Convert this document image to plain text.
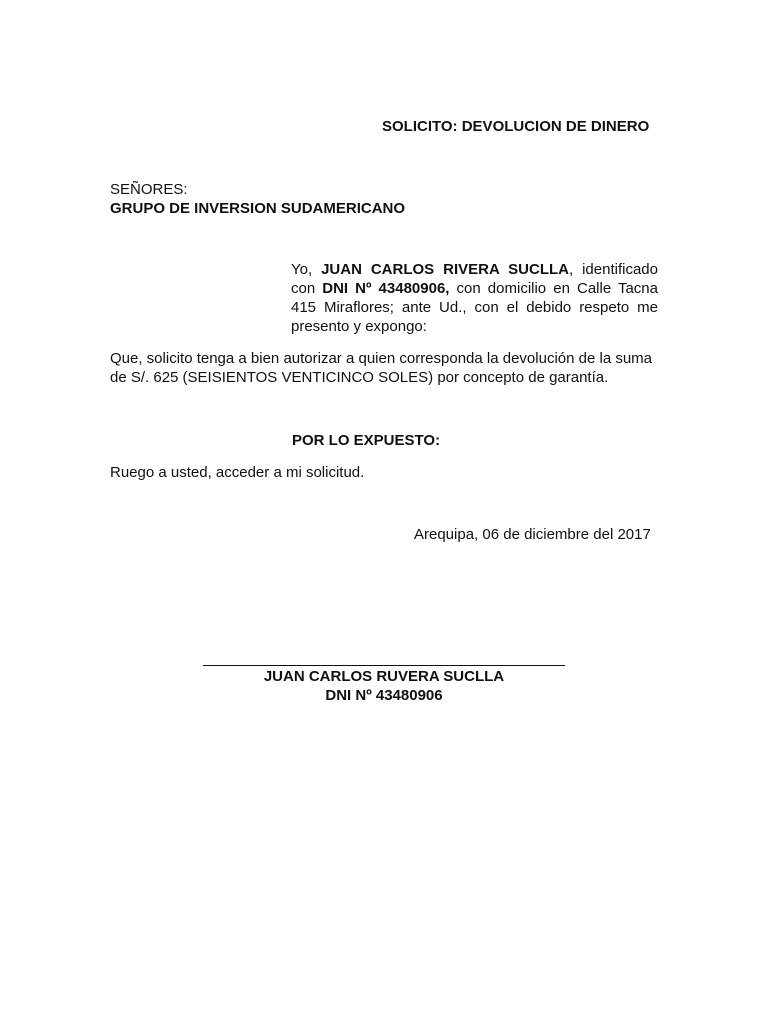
SOLICITO: DEVOLUCION DE DINERO
SEÑORES:
GRUPO DE INVERSION SUDAMERICANO
Yo, JUAN CARLOS RIVERA SUCLLA, identificado
con DNI Nº 43480906, con domicilio en Calle Tacna
415 Miraflores; ante Ud., con el debido respeto me
presento y expongo:
Que, solicito tenga a bien autorizar a quien corresponda la devolución de la suma
de S/. 625 (SEISIENTOS VENTICINCO SOLES) por concepto de garantía.
POR LO EXPUESTO:
Ruego a usted, acceder a mi solicitud.
Arequipa, 06 de diciembre del 2017
JUAN CARLOS RUVERA SUCLLA
DNI Nº 43480906
